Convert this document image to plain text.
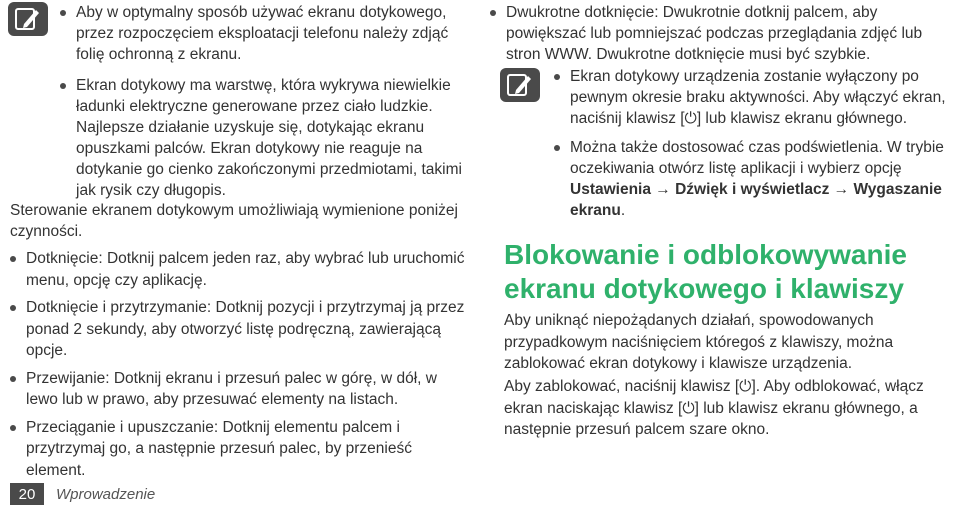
Aby w optymalny sposób używać ekranu dotykowego, przez rozpoczęciem eksploatacji telefonu należy zdjąć folię ochronną z ekranu.
Ekran dotykowy ma warstwę, która wykrywa niewielkie ładunki elektryczne generowane przez ciało ludzkie. Najlepsze działanie uzyskuje się, dotykając ekranu opuszkami palców. Ekran dotykowy nie reaguje na dotykanie go cienko zakończonymi przedmiotami, takimi jak rysik czy długopis.

Sterowanie ekranem dotykowym umożliwiają wymienione poniżej czynności.

Dotknięcie: Dotknij palcem jeden raz, aby wybrać lub uruchomić menu, opcję czy aplikację.
Dotknięcie i przytrzymanie: Dotknij pozycji i przytrzymaj ją przez ponad 2 sekundy, aby otworzyć listę podręczną, zawierającą opcje.
Przewijanie: Dotknij ekranu i przesuń palec w górę, w dół, w lewo lub w prawo, aby przesuwać elementy na listach.
Przeciąganie i upuszczanie: Dotknij elementu palcem i przytrzymaj go, a następnie przesuń palec, by przenieść element.
20	Wprowadzenie
Dwukrotne dotknięcie: Dwukrotnie dotknij palcem, aby powiększać lub pomniejszać podczas przeglądania zdjęć lub stron WWW. Dwukrotne dotknięcie musi być szybkie.
Ekran dotykowy urządzenia zostanie wyłączony po pewnym okresie braku aktywności. Aby włączyć ekran, naciśnij klawisz [⏻] lub klawisz ekranu głównego.
Można także dostosować czas podświetlenia. W trybie oczekiwania otwórz listę aplikacji i wybierz opcję Ustawienia → Dźwięk i wyświetlacz → Wygaszanie ekranu.
Blokowanie i odblokowywanie ekranu dotykowego i klawiszy

Aby uniknąć niepożądanych działań, spowodowanych przypadkowym naciśnięciem któregoś z klawiszy, można zablokować ekran dotykowy i klawisze urządzenia.

Aby zablokować, naciśnij klawisz [⏻]. Aby odblokować, włącz ekran naciskając klawisz [⏻] lub klawisz ekranu głównego, a następnie przesuń palcem szare okno.
